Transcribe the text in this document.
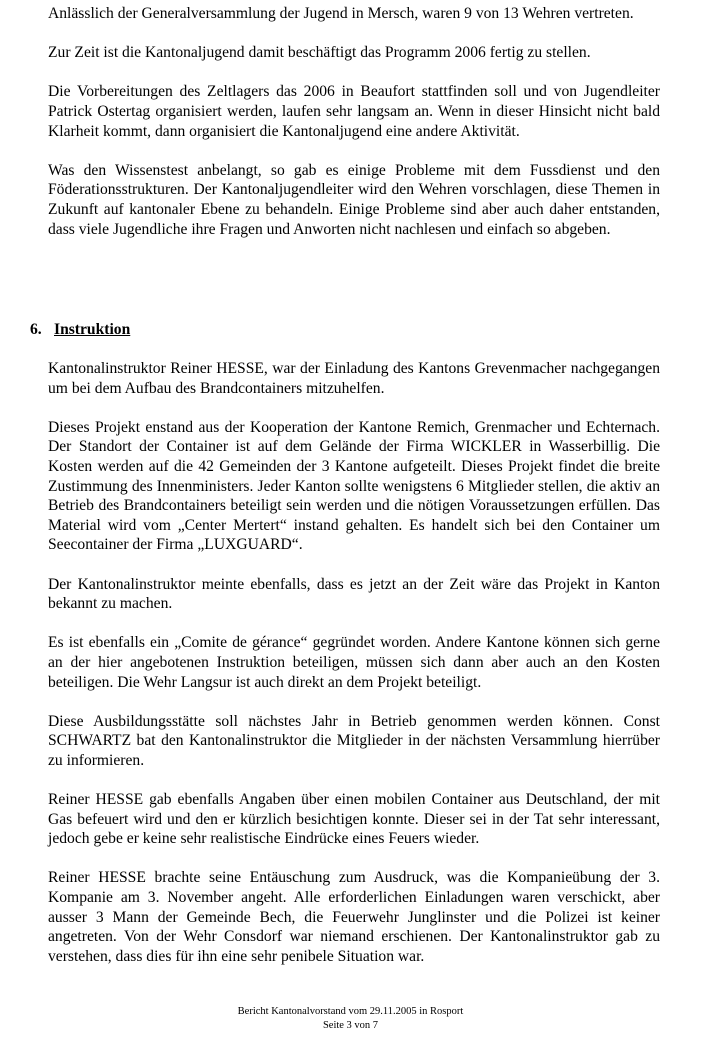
Anlässlich der Generalversammlung der Jugend in Mersch, waren 9 von 13 Wehren vertreten.

Zur Zeit ist die Kantonaljugend damit beschäftigt das Programm 2006 fertig zu stellen.

Die Vorbereitungen des Zeltlagers das 2006 in Beaufort stattfinden soll und von Jugendleiter Patrick Ostertag organisiert werden, laufen sehr langsam an. Wenn in dieser Hinsicht nicht bald Klarheit kommt, dann organisiert die Kantonaljugend eine andere Aktivität.

Was den Wissenstest anbelangt, so gab es einige Probleme mit dem Fussdienst und den Föderationsstrukturen. Der Kantonaljugendleiter wird den Wehren vorschlagen, diese Themen in Zukunft auf kantonaler Ebene zu behandeln. Einige Probleme sind aber auch daher entstanden, dass viele Jugendliche ihre Fragen und Anworten nicht nachlesen und einfach so abgeben.

6. Instruktion

Kantonalinstruktor Reiner HESSE, war der Einladung des Kantons Grevenmacher nachgegangen um bei dem Aufbau des Brandcontainers mitzuhelfen.

Dieses Projekt enstand aus der Kooperation der Kantone Remich, Grenmacher und Echternach. Der Standort der Container ist auf dem Gelände der Firma WICKLER in Wasserbillig. Die Kosten werden auf die 42 Gemeinden der 3 Kantone aufgeteilt. Dieses Projekt findet die breite Zustimmung des Innenministers. Jeder Kanton sollte wenigstens 6 Mitglieder stellen, die aktiv an Betrieb des Brandcontainers beteiligt sein werden und die nötigen Voraussetzungen erfüllen. Das Material wird vom „Center Mertert“ instand gehalten. Es handelt sich bei den Container um Seecontainer der Firma „LUXGUARD“.

Der Kantonalinstruktor meinte ebenfalls, dass es jetzt an der Zeit wäre das Projekt in Kanton bekannt zu machen.

Es ist ebenfalls ein „Comite de gérance“ gegründet worden. Andere Kantone können sich gerne an der hier angebotenen Instruktion beteiligen, müssen sich dann aber auch an den Kosten beteiligen. Die Wehr Langsur ist auch direkt an dem Projekt beteiligt.

Diese Ausbildungsstätte soll nächstes Jahr in Betrieb genommen werden können. Const SCHWARTZ bat den Kantonalinstruktor die Mitglieder in der nächsten Versammlung hierrüber zu informieren.

Reiner HESSE gab ebenfalls Angaben über einen mobilen Container aus Deutschland, der mit Gas befeuert wird und den er kürzlich besichtigen konnte. Dieser sei in der Tat sehr interessant, jedoch gebe er keine sehr realistische Eindrücke eines Feuers wieder.

Reiner HESSE brachte seine Entäuschung zum Ausdruck, was die Kompanieübung der 3. Kompanie am 3. November angeht. Alle erforderlichen Einladungen waren verschickt, aber ausser 3 Mann der Gemeinde Bech, die Feuerwehr Junglinster und die Polizei ist keiner angetreten. Von der Wehr Consdorf war niemand erschienen. Der Kantonalinstruktor gab zu verstehen, dass dies für ihn eine sehr penibele Situation war.

Bericht Kantonalvorstand vom 29.11.2005 in Rosport
Seite 3 von 7
